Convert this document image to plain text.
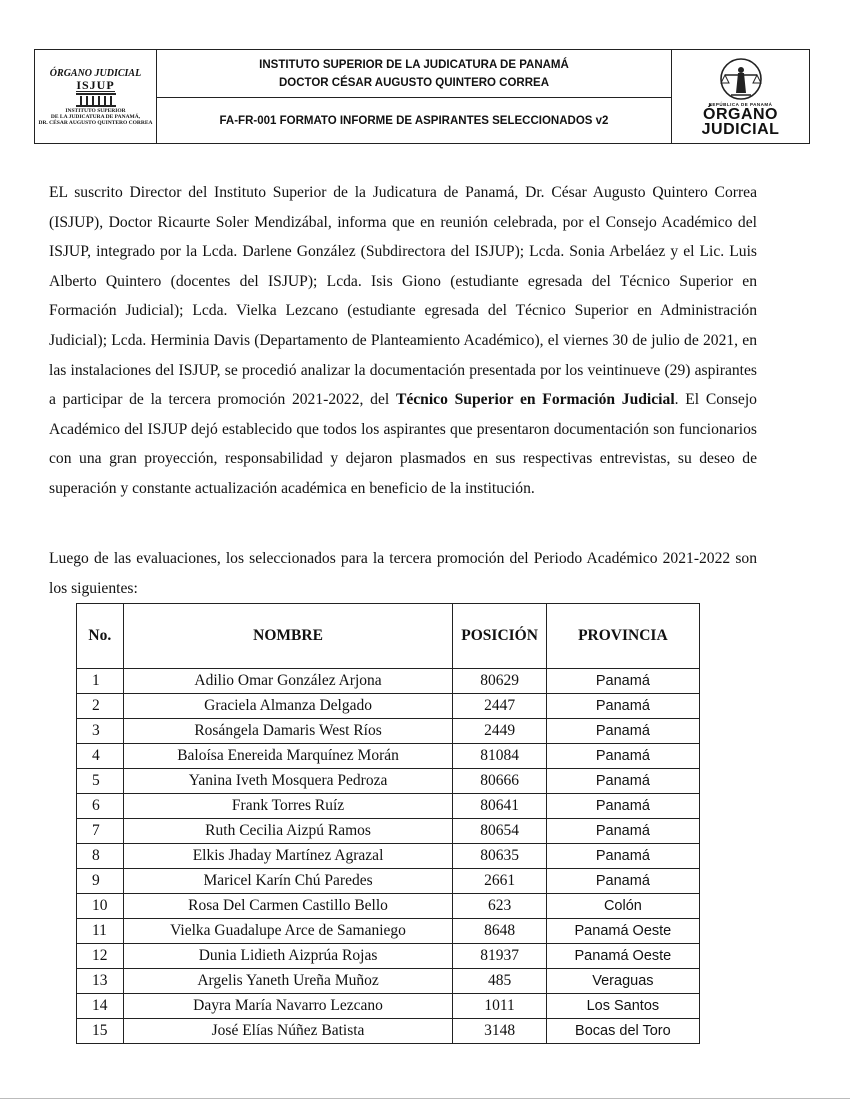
ÓRGANO JUDICIAL
ISJUP
INSTITUTO SUPERIOR
DE LA JUDICATURA DE PANAMÁ,
DR. CÉSAR AUGUSTO QUINTERO CORREA
INSTITUTO SUPERIOR DE LA JUDICATURA DE PANAMÁ
DOCTOR CÉSAR AUGUSTO QUINTERO CORREA
FA-FR-001 FORMATO INFORME DE ASPIRANTES SELECCIONADOS v2
REPÚBLICA DE PANAMÁ
ÓRGANO
JUDICIAL
EL suscrito Director del Instituto Superior de la Judicatura de Panamá, Dr. César Augusto Quintero Correa (ISJUP), Doctor Ricaurte Soler Mendizábal, informa que en reunión celebrada, por el Consejo Académico del ISJUP, integrado por la Lcda. Darlene González (Subdirectora del ISJUP); Lcda. Sonia Arbeláez y el Lic. Luis Alberto Quintero (docentes del ISJUP); Lcda. Isis Giono (estudiante egresada del Técnico Superior en Formación Judicial); Lcda. Vielka Lezcano (estudiante egresada del Técnico Superior en Administración Judicial); Lcda. Herminia Davis (Departamento de Planteamiento Académico), el viernes 30 de julio de 2021, en las instalaciones del ISJUP, se procedió analizar la documentación presentada por los veintinueve (29) aspirantes a participar de la tercera promoción 2021-2022, del Técnico Superior en Formación Judicial. El Consejo Académico del ISJUP dejó establecido que todos los aspirantes que presentaron documentación son funcionarios con una gran proyección, responsabilidad y dejaron plasmados en sus respectivas entrevistas, su deseo de superación y constante actualización académica en beneficio de la institución.
Luego de las evaluaciones, los seleccionados para la tercera promoción del Periodo Académico 2021-2022 son los siguientes:
No.	NOMBRE	POSICIÓN	PROVINCIA
1	Adilio Omar González Arjona	80629	Panamá
2	Graciela Almanza Delgado	2447	Panamá
3	Rosángela Damaris West Ríos	2449	Panamá
4	Baloísa Enereida Marquínez Morán	81084	Panamá
5	Yanina Iveth Mosquera Pedroza	80666	Panamá
6	Frank Torres Ruíz	80641	Panamá
7	Ruth Cecilia Aizpú Ramos	80654	Panamá
8	Elkis Jhaday Martínez Agrazal	80635	Panamá
9	Maricel Karín Chú Paredes	2661	Panamá
10	Rosa Del Carmen Castillo Bello	623	Colón
11	Vielka Guadalupe Arce de Samaniego	8648	Panamá Oeste
12	Dunia Lidieth Aizprúa Rojas	81937	Panamá Oeste
13	Argelis Yaneth Ureña Muñoz	485	Veraguas
14	Dayra María Navarro Lezcano	1011	Los Santos
15	José Elías Núñez Batista	3148	Bocas del Toro
